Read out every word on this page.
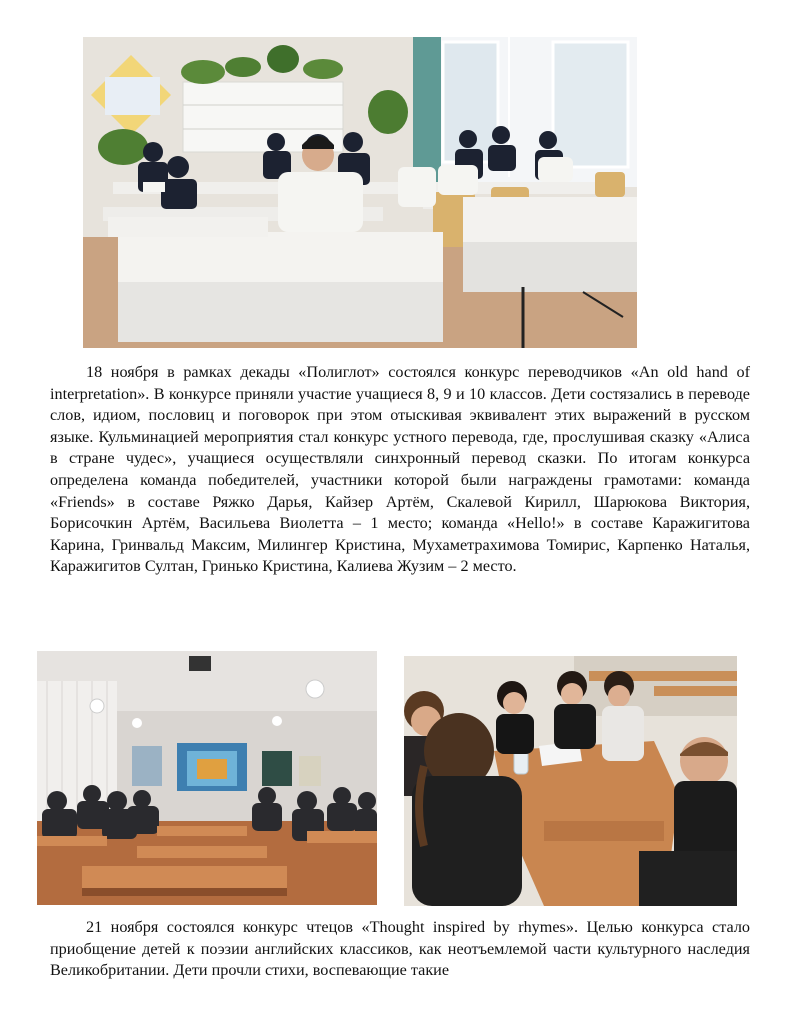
18 ноября в рамках декады «Полиглот» состоялся конкурс переводчиков «An old hand of interpretation». В конкурсе приняли участие учащиеся 8, 9 и 10 классов. Дети состязались в переводе слов, идиом, пословиц и поговорок при этом отыскивая эквивалент этих выражений в русском языке. Кульминацией мероприятия стал конкурс устного перевода, где, прослушивая сказку «Алиса в стране чудес», учащиеся осуществляли синхронный перевод сказки. По итогам конкурса определена команда победителей, участники которой были награждены грамотами: команда «Friends» в составе Ряжко Дарья, Кайзер Артём, Скалевой Кирилл, Шарюкова Виктория, Борисочкин Артём, Васильева Виолетта – 1 место; команда «Hello!» в составе Каражигитова Карина, Гринвальд Максим, Милингер Кристина, Мухаметрахимова Томирис, Карпенко Наталья, Каражигитов Султан, Гринько Кристина, Калиева Жузим – 2 место.

21 ноября состоялся конкурс чтецов «Thought inspired by rhymes». Целью конкурса стало приобщение детей к поэзии английских классиков, как неотъемлемой части культурного наследия Великобритании. Дети прочли стихи, воспевающие такие
